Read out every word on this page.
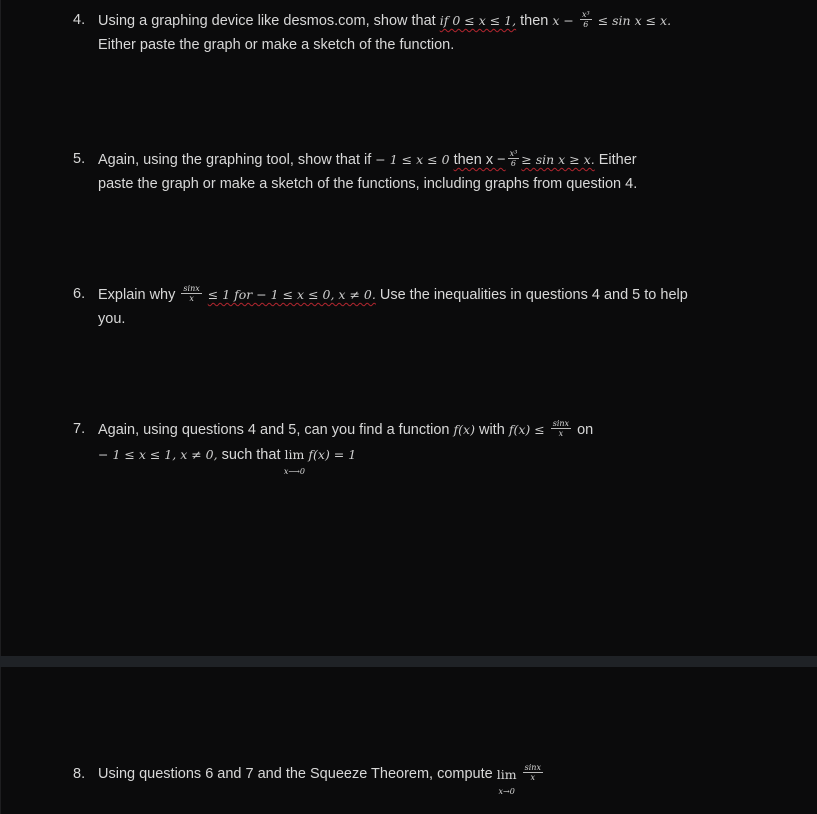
4. Using a graphing device like desmos.com, show that if 0 ≤ x ≤ 1, then $x - \frac{\text{x³}}{6} \le \sin x \le x$.
Either paste the graph or make a sketch of the function.
5. Again, using the graphing tool, show that if − 1 ≤ x ≤ 0 then $x - \frac{\text{x³}}{6} \ge \sin x \ge x$. Either
paste the graph or make a sketch of the functions, including graphs from question 4.
6. Explain why $\frac{\sin x}{x} \le 1$ for − 1 ≤ x ≤ 0, x ≠ 0. Use the inequalities in questions 4 and 5 to help
you.
7. Again, using questions 4 and 5, can you find a function f(x) with $f(x) \le \frac{\sin x}{x}$ on
− 1 ≤ x ≤ 1, x ≠ 0, such that lim
x⟶0
f(x) = 1
8. Using questions 6 and 7 and the Squeeze Theorem, compute lim
x→0

$\frac{\sin x}{x}$
